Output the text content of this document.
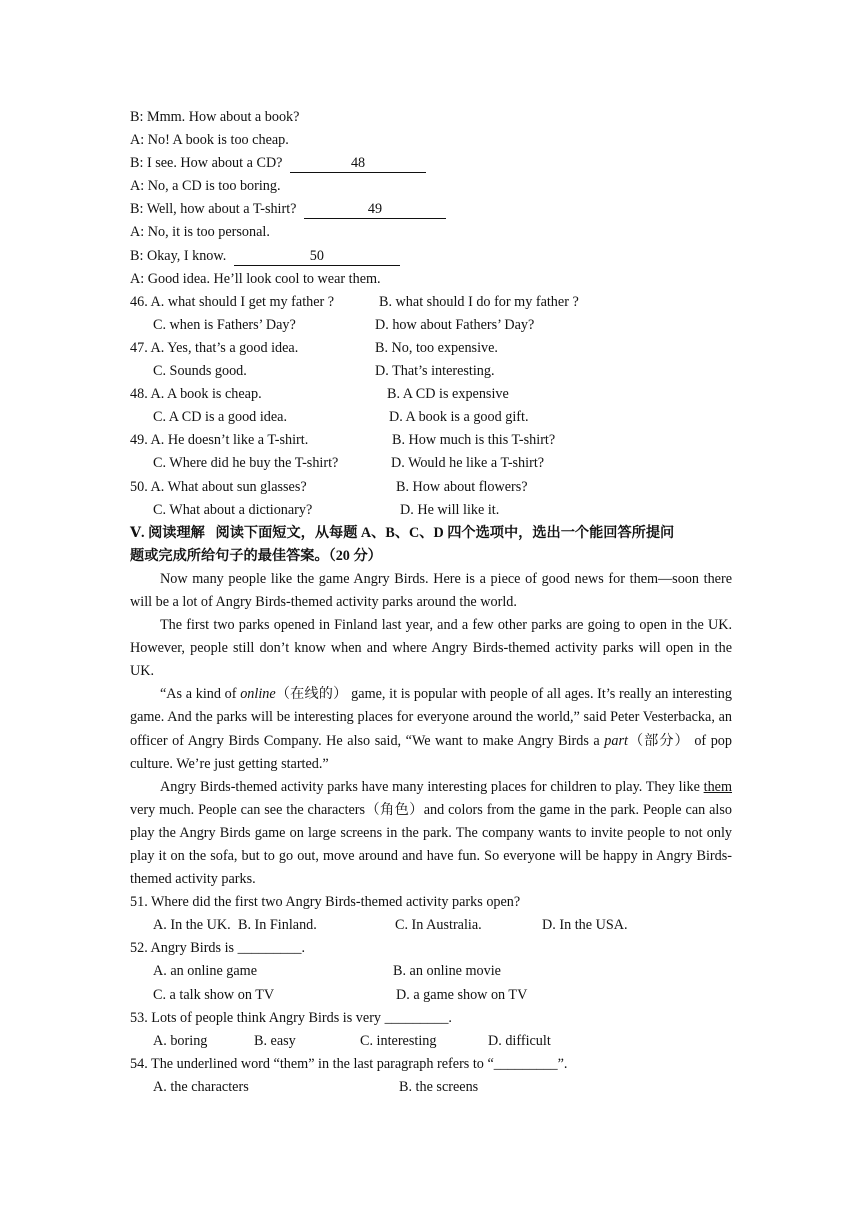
B: Mmm. How about a book?
A: No! A book is too cheap.
B: I see. How about a CD?	48
A: No, a CD is too boring.
B: Well, how about a T-shirt?	49
A: No, it is too personal.
B: Okay, I know.	50
A: Good idea. He’ll look cool to wear them.
46. A. what should I get my father ?	B. what should I do for my father ?
C. when is Fathers’ Day?	D. how about Fathers’ Day?
47. A. Yes, that’s a good idea.	B. No, too expensive.
C. Sounds good.	D. That’s interesting.
48. A. A book is cheap.	B. A CD is expensive
C. A CD is a good idea.	D. A book is a good gift.
49. A. He doesn’t like a T-shirt.	B. How much is this T-shirt?
C. Where did he buy the T-shirt?	D. Would he like a T-shirt?
50. A. What about sun glasses?	B. How about flowers?
C. What about a dictionary?	D. He will like it.
Ⅴ. 阅读理解 阅读下面短文，从每题 A、B、C、D 四个选项中，选出一个能回答所提问
题或完成所给句子的最佳答案。（20 分）

Now many people like the game Angry Birds. Here is a piece of good news for them—soon there will be a lot of Angry Birds-themed activity parks around the world.

The first two parks opened in Finland last year, and a few other parks are going to open in the UK. However, people still don’t know when and where Angry Birds-themed activity parks will open in the UK.

“As a kind of online（在线的） game, it is popular with people of all ages. It’s really an interesting game. And the parks will be interesting places for everyone around the world,” said Peter Vesterbacka, an officer of Angry Birds Company. He also said, “We want to make Angry Birds a part（部分） of pop culture. We’re just getting started.”

Angry Birds-themed activity parks have many interesting places for children to play. They like them very much. People can see the characters（角色）and colors from the game in the park. People can also play the Angry Birds game on large screens in the park. The company wants to invite people to not only play it on the sofa, but to go out, move around and have fun. So everyone will be happy in Angry Birds-themed activity parks.

51. Where did the first two Angry Birds-themed activity parks open?
A. In the UK. B. In Finland.	C. In Australia.	D. In the USA.
52. Angry Birds is _________.
A. an online game	B. an online movie
C. a talk show on TV	D. a game show on TV
53. Lots of people think Angry Birds is very _________.
A. boring	B. easy	C. interesting	D. difficult
54. The underlined word “them” in the last paragraph refers to “_________”.
A. the characters	B. the screens
